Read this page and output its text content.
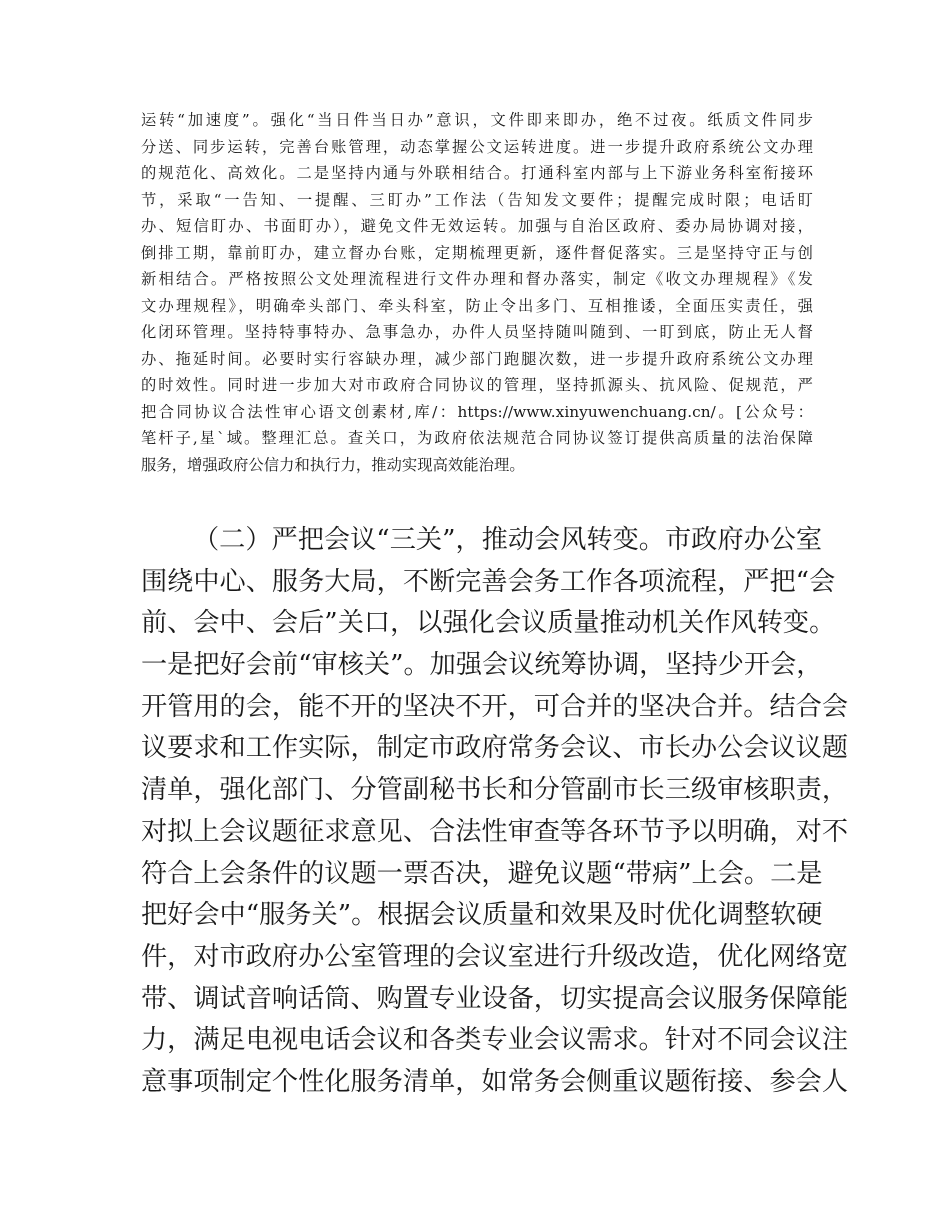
运转“加速度”。强化“当日件当日办”意识，文件即来即办，绝不过夜。纸质文件同步
分送、同步运转，完善台账管理，动态掌握公文运转进度。进一步提升政府系统公文办理
的规范化、高效化。二是坚持内通与外联相结合。打通科室内部与上下游业务科室衔接环
节，采取“一告知、一提醒、三盯办”工作法（告知发文要件；提醒完成时限；电话盯
办、短信盯办、书面盯办），避免文件无效运转。加强与自治区政府、委办局协调对接，
倒排工期，靠前盯办，建立督办台账，定期梳理更新，逐件督促落实。三是坚持守正与创
新相结合。严格按照公文处理流程进行文件办理和督办落实，制定《收文办理规程》《发
文办理规程》，明确牵头部门、牵头科室，防止令出多门、互相推诿，全面压实责任，强
化闭环管理。坚持特事特办、急事急办，办件人员坚持随叫随到、一盯到底，防止无人督
办、拖延时间。必要时实行容缺办理，减少部门跑腿次数，进一步提升政府系统公文办理
的时效性。同时进一步加大对市政府合同协议的管理，坚持抓源头、抗风险、促规范，严
把合同协议合法性审心语文创素材,库/：https://www.xinyuwenchuang.cn/。[公众号：
笔杆子,星`域。整理汇总。查关口，为政府依法规范合同协议签订提供高质量的法治保障
服务，增强政府公信力和执行力，推动实现高效能治理。
（二）严把会议“三关”，推动会风转变。市政府办公室
围绕中心、服务大局，不断完善会务工作各项流程，严把“会
前、会中、会后”关口，以强化会议质量推动机关作风转变。
一是把好会前“审核关”。加强会议统筹协调，坚持少开会，
开管用的会，能不开的坚决不开，可合并的坚决合并。结合会
议要求和工作实际，制定市政府常务会议、市长办公会议议题
清单，强化部门、分管副秘书长和分管副市长三级审核职责，
对拟上会议题征求意见、合法性审查等各环节予以明确，对不
符合上会条件的议题一票否决，避免议题“带病”上会。二是
把好会中“服务关”。根据会议质量和效果及时优化调整软硬
件，对市政府办公室管理的会议室进行升级改造，优化网络宽
带、调试音响话筒、购置专业设备，切实提高会议服务保障能
力，满足电视电话会议和各类专业会议需求。针对不同会议注
意事项制定个性化服务清单，如常务会侧重议题衔接、参会人
